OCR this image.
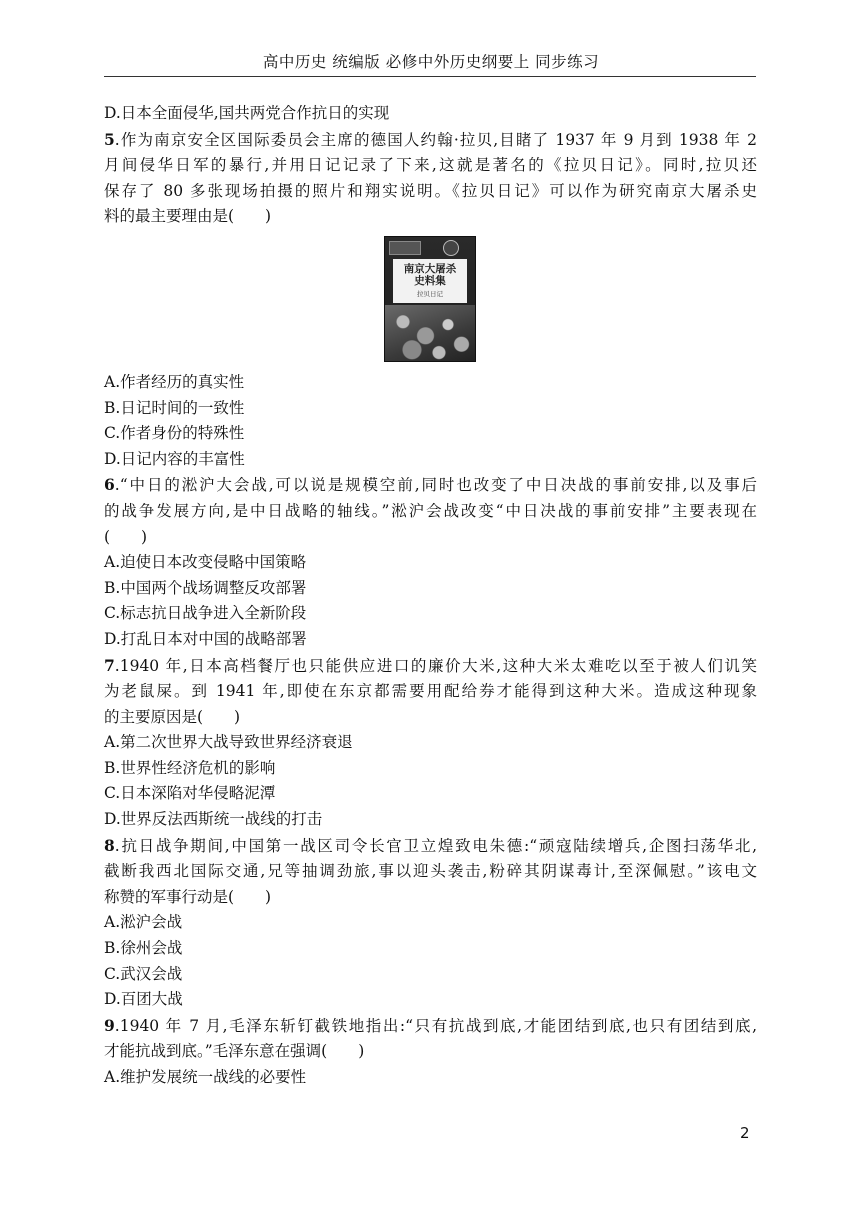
高中历史 统编版 必修中外历史纲要上 同步练习
D.日本全面侵华,国共两党合作抗日的实现
5.作为南京安全区国际委员会主席的德国人约翰·拉贝,目睹了 1937 年 9 月到 1938 年 2
月间侵华日军的暴行,并用日记记录了下来,这就是著名的《拉贝日记》。同时,拉贝还
保存了 80 多张现场拍摄的照片和翔实说明。《拉贝日记》可以作为研究南京大屠杀史
料的最主要理由是(　　)
南京大屠杀
史料集
拉贝日记
A.作者经历的真实性
B.日记时间的一致性
C.作者身份的特殊性
D.日记内容的丰富性
6.“中日的淞沪大会战,可以说是规模空前,同时也改变了中日决战的事前安排,以及事后
的战争发展方向,是中日战略的轴线。”淞沪会战改变“中日决战的事前安排”主要表现在
(　　)
A.迫使日本改变侵略中国策略
B.中国两个战场调整反攻部署
C.标志抗日战争进入全新阶段
D.打乱日本对中国的战略部署
7.1940 年,日本高档餐厅也只能供应进口的廉价大米,这种大米太难吃以至于被人们讥笑
为老鼠屎。到 1941 年,即使在东京都需要用配给券才能得到这种大米。造成这种现象
的主要原因是(　　)
A.第二次世界大战导致世界经济衰退
B.世界性经济危机的影响
C.日本深陷对华侵略泥潭
D.世界反法西斯统一战线的打击
8.抗日战争期间,中国第一战区司令长官卫立煌致电朱德:“顽寇陆续增兵,企图扫荡华北,
截断我西北国际交通,兄等抽调劲旅,事以迎头袭击,粉碎其阴谋毒计,至深佩慰。”该电文
称赞的军事行动是(　　)
A.淞沪会战
B.徐州会战
C.武汉会战
D.百团大战
9.1940 年 7 月,毛泽东斩钉截铁地指出:“只有抗战到底,才能团结到底,也只有团结到底,
才能抗战到底。”毛泽东意在强调(　　)
A.维护发展统一战线的必要性
2
